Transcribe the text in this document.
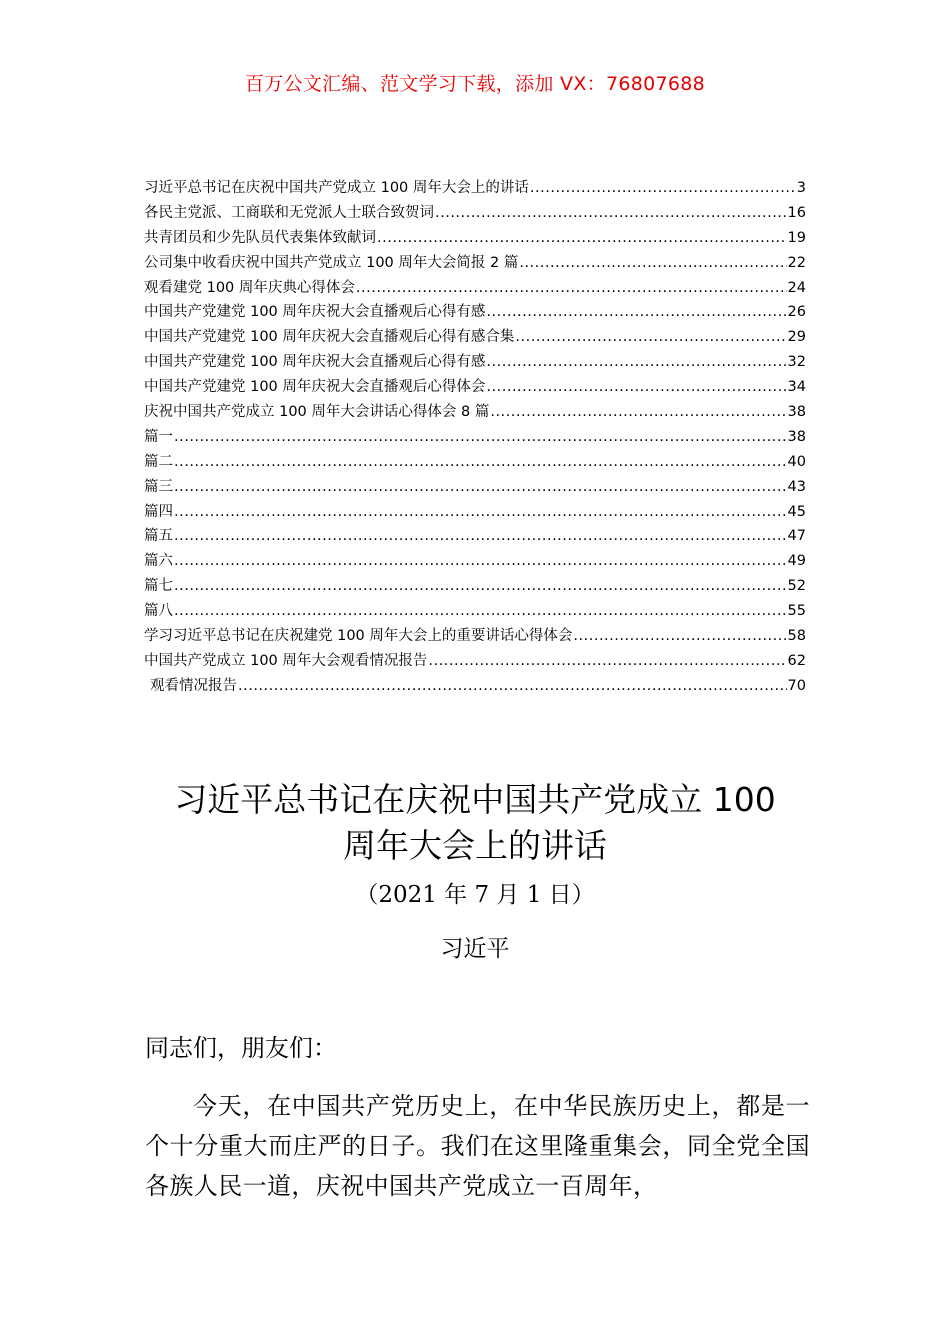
百万公文汇编、范文学习下载，添加 VX：76807688
习近平总书记在庆祝中国共产党成立 100 周年大会上的讲话 .....	3
各民主党派、工商联和无党派人士联合致贺词 .....	16
共青团员和少先队员代表集体致献词 .....	19
公司集中收看庆祝中国共产党成立 100 周年大会简报 2 篇 .....	22
观看建党 100 周年庆典心得体会 .....	24
中国共产党建党 100 周年庆祝大会直播观后心得有感 .....	26
中国共产党建党 100 周年庆祝大会直播观后心得有感合集 .....	29
中国共产党建党 100 周年庆祝大会直播观后心得有感 .....	32
中国共产党建党 100 周年庆祝大会直播观后心得体会 .....	34
庆祝中国共产党成立 100 周年大会讲话心得体会 8 篇 .....	38
篇一 .....	38
篇二 .....	40
篇三 .....	43
篇四 .....	45
篇五 .....	47
篇六 .....	49
篇七 .....	52
篇八 .....	55
学习习近平总书记在庆祝建党 100 周年大会上的重要讲话心得体会 .....	58
中国共产党成立 100 周年大会观看情况报告 .....	62
观看情况报告 .....	70
习近平总书记在庆祝中国共产党成立 100
周年大会上的讲话
（2021 年 7 月 1 日）
习近平

同志们，朋友们：

今天，在中国共产党历史上，在中华民族历史上，都是一个十分重大而庄严的日子。我们在这里隆重集会，同全党全国各族人民一道，庆祝中国共产党成立一百周年，
